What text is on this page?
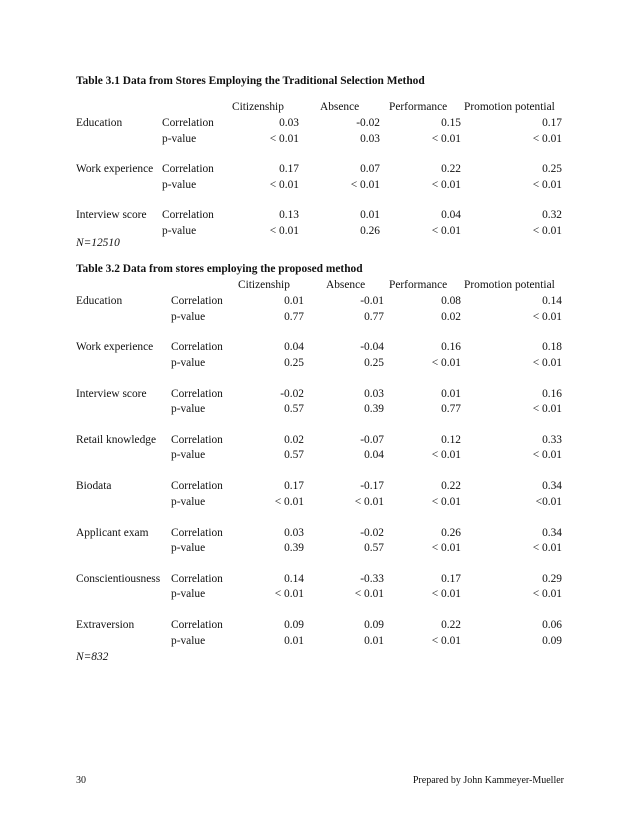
Table 3.1 Data from Stores Employing the Traditional Selection Method
Citizenship	Absence	Performance Promotion potential
Education	Correlation	0.03	-0.02	0.15	0.17
p-value	< 0.01	0.03	< 0.01	< 0.01
Work experience Correlation	0.17	0.07	0.22	0.25
p-value	< 0.01	< 0.01	< 0.01	< 0.01
Interview score Correlation	0.13	0.01	0.04	0.32
p-value	< 0.01	0.26	< 0.01	< 0.01
N=12510
Table 3.2 Data from stores employing the proposed method
Citizenship	Absence Performance Promotion potential
Education	Correlation	0.01	-0.01	0.08	0.14
p-value	0.77	0.77	0.02	< 0.01
Work experience Correlation	0.04	-0.04	0.16	0.18
p-value	0.25	0.25	< 0.01	< 0.01
Interview score Correlation	-0.02	0.03	0.01	0.16
p-value	0.57	0.39	0.77	< 0.01
Retail knowledge Correlation	0.02	-0.07	0.12	0.33
p-value	0.57	0.04	< 0.01	< 0.01
Biodata	Correlation	0.17	-0.17	0.22	0.34
p-value	< 0.01	< 0.01	< 0.01	<0.01
Applicant exam Correlation	0.03	-0.02	0.26	0.34
p-value	0.39	0.57	< 0.01	< 0.01
Conscientiousness Correlation	0.14	-0.33	0.17	0.29
p-value	< 0.01	< 0.01	< 0.01	< 0.01
Extraversion	Correlation	0.09	0.09	0.22	0.06
p-value	0.01	0.01	< 0.01	0.09
N=832
30	Prepared by John Kammeyer-Mueller
